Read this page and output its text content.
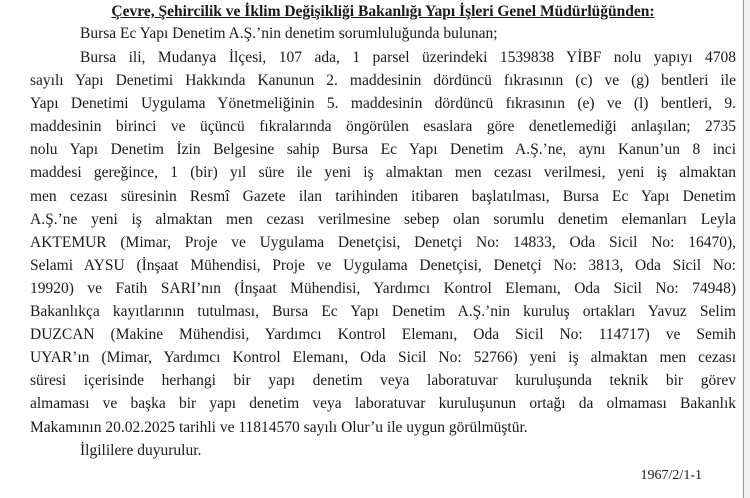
Çevre, Şehircilik ve İklim Değişikliği Bakanlığı Yapı İşleri Genel Müdürlüğünden:
Bursa Ec Yapı Denetim A.Ş.’nin denetim sorumluluğunda bulunan;
Bursa ili, Mudanya İlçesi, 107 ada, 1 parsel üzerindeki 1539838 YİBF nolu yapıyı 4708
sayılı Yapı Denetimi Hakkında Kanunun 2. maddesinin dördüncü fıkrasının (c) ve (g) bentleri ile
Yapı Denetimi Uygulama Yönetmeliğinin 5. maddesinin dördüncü fıkrasının (e) ve (l) bentleri, 9.
maddesinin birinci ve üçüncü fıkralarında öngörülen esaslara göre denetlemediği anlaşılan; 2735
nolu Yapı Denetim İzin Belgesine sahip Bursa Ec Yapı Denetim A.Ş.’ne, aynı Kanun’un 8 inci
maddesi gereğince, 1 (bir) yıl süre ile yeni iş almaktan men cezası verilmesi, yeni iş almaktan
men cezası süresinin Resmî Gazete ilan tarihinden itibaren başlatılması, Bursa Ec Yapı Denetim
A.Ş.’ne yeni iş almaktan men cezası verilmesine sebep olan sorumlu denetim elemanları Leyla
AKTEMUR (Mimar, Proje ve Uygulama Denetçisi, Denetçi No: 14833, Oda Sicil No: 16470),
Selami AYSU (İnşaat Mühendisi, Proje ve Uygulama Denetçisi, Denetçi No: 3813, Oda Sicil No:
19920) ve Fatih SARI’nın (İnşaat Mühendisi, Yardımcı Kontrol Elemanı, Oda Sicil No: 74948)
Bakanlıkça kayıtlarının tutulması, Bursa Ec Yapı Denetim A.Ş.’nin kuruluş ortakları Yavuz Selim
DUZCAN (Makine Mühendisi, Yardımcı Kontrol Elemanı, Oda Sicil No: 114717) ve Semih
UYAR’ın (Mimar, Yardımcı Kontrol Elemanı, Oda Sicil No: 52766) yeni iş almaktan men cezası
süresi içerisinde herhangi bir yapı denetim veya laboratuvar kuruluşunda teknik bir görev
almaması ve başka bir yapı denetim veya laboratuvar kuruluşunun ortağı da olmaması Bakanlık
Makamının 20.02.2025 tarihli ve 11814570 sayılı Olur’u ile uygun görülmüştür.
İlgililere duyurulur.
1967/2/1-1
